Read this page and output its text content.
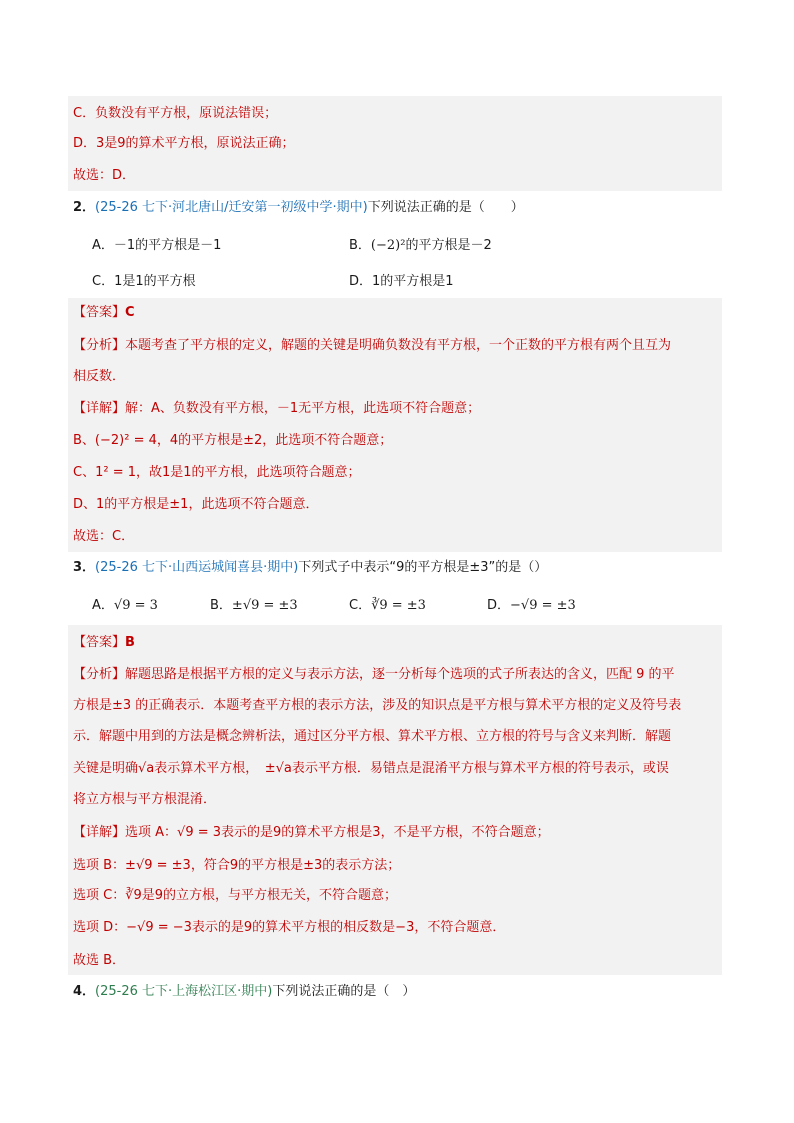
C．负数没有平方根，原说法错误；
D．3是9的算术平方根，原说法正确；
故选：D．
2．(25-26 七下·河北唐山/迁安第一初级中学·期中)下列说法正确的是（　　）
A．－1的平方根是－1	B．(−2)²的平方根是－2
C．1是1的平方根	D．1的平方根是1
【答案】C
【分析】本题考查了平方根的定义，解题的关键是明确负数没有平方根，一个正数的平方根有两个且互为
相反数．
【详解】解：A、负数没有平方根，－1无平方根，此选项不符合题意；
B、(−2)² = 4，4的平方根是±2，此选项不符合题意；
C、1² = 1，故1是1的平方根，此选项符合题意；
D、1的平方根是±1，此选项不符合题意．
故选：C．
3．(25-26 七下·山西运城闻喜县·期中)下列式子中表示“9的平方根是±3”的是（）
A．√9 = 3	B．±√9 = ±3	C．∛9 = ±3	D．−√9 = ±3
【答案】B
【分析】解题思路是根据平方根的定义与表示方法，逐一分析每个选项的式子所表达的含义，匹配 9 的平
方根是±3 的正确表示．本题考查平方根的表示方法，涉及的知识点是平方根与算术平方根的定义及符号表
示．解题中用到的方法是概念辨析法，通过区分平方根、算术平方根、立方根的符号与含义来判断．解题
关键是明确√a表示算术平方根，　±√a表示平方根．易错点是混淆平方根与算术平方根的符号表示，或误
将立方根与平方根混淆．
【详解】选项 A：√9 = 3表示的是9的算术平方根是3，不是平方根，不符合题意；
选项 B：±√9 = ±3，符合9的平方根是±3的表示方法；
选项 C：∛9是9的立方根，与平方根无关，不符合题意；
选项 D：−√9 = −3表示的是9的算术平方根的相反数是−3，不符合题意．
故选 B．
4．(25-26 七下·上海松江区·期中)下列说法正确的是（　）
